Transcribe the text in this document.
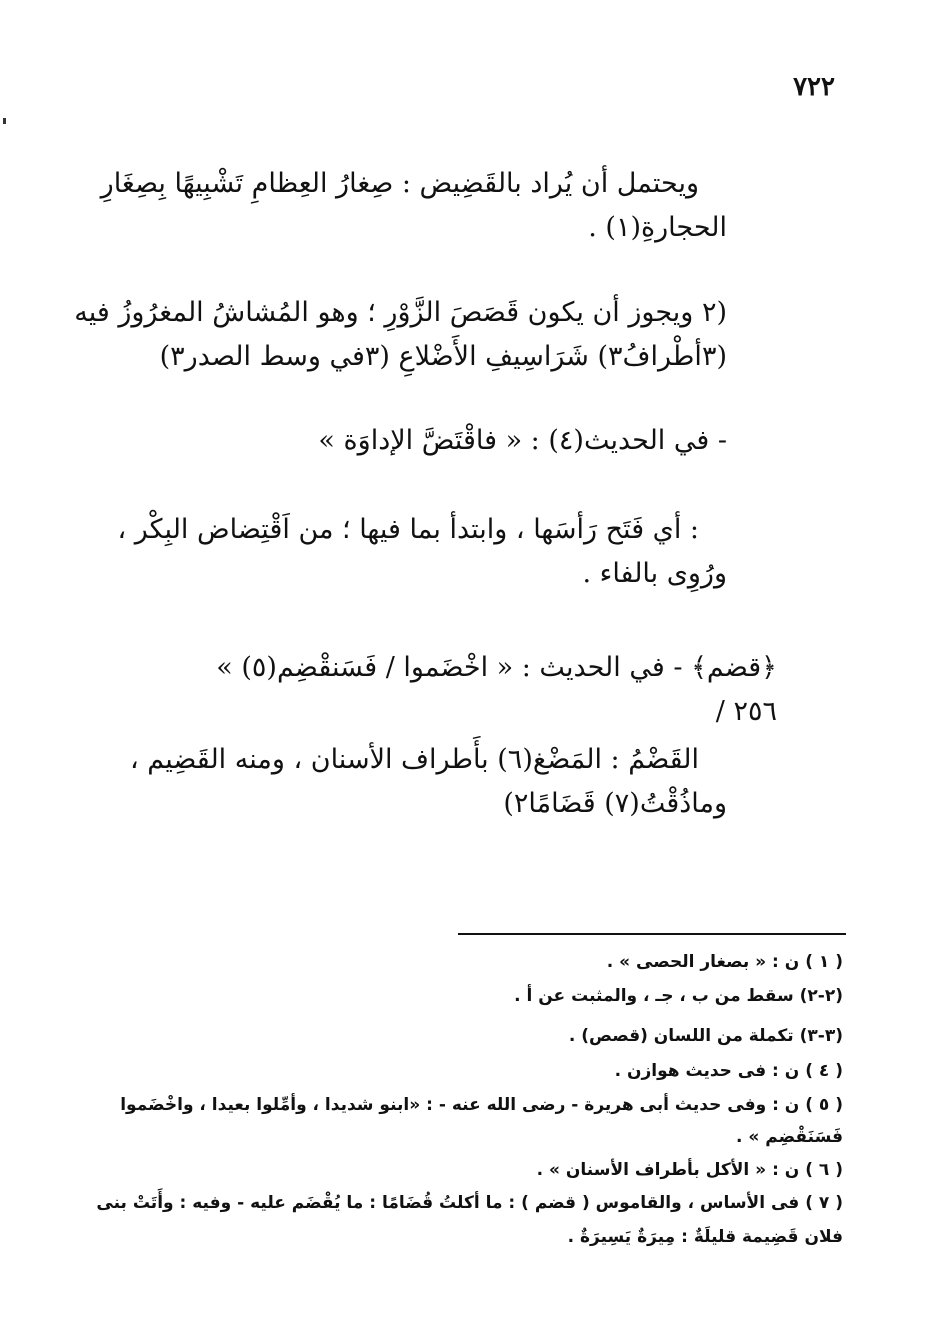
٧٢٢
ويحتمل أن يُراد بالقَضِيض : صِغارُ العِظامِ تَشْبِيهًا بِصِغَارِ
الحجارةِ(١) .
(٢ ويجوز أن يكون قَصَصَ الزَّوْرِ ؛ وهو المُشاشُ المغرُوزُ فيه
(٣أطْرافُ٣) شَرَاسِيفِ الأَضْلاعِ (٣في وسط الصدر٣)
- في الحديث(٤) : « فاقْتَضَّ الإداوَة »
: أي فَتَح رَأسَها ، وابتدأ بما فيها ؛ من اَقْتِضاض البِكْر ،
ورُوِى بالفاء .
﴿قضم﴾ - في الحديث : « اخْضَموا / فَسَنقْضِم(٥) »
٢٥٦ /
القَضْمُ : المَضْغ(٦) بأَطراف الأسنان ، ومنه القَضِيم ،
وماذُقْتُ(٧) قَضَامًا٢)
( ١ ) ن : « بصغار الحصى » .
(٢-٢) سقط من ب ، جـ ، والمثبت عن أ .
(٣-٣) تكملة من اللسان (قصص) .
( ٤ ) ن : فى حديث هوازن .
( ٥ ) ن : وفى حديث أبى هريرة - رضى الله عنه - : «ابنو شديدا ، وأمِّلوا بعيدا ، واخْضَموا
فَسَنَقْضِم » .
( ٦ ) ن : « الأكل بأطراف الأسنان » .
( ٧ ) فى الأساس ، والقاموس ( قضم ) : ما أكلتُ قُضَامًا : ما يُقْضَم عليه - وفيه : وأَتَتْ بنى
فلان قَضِيمة قليلَةٌ : مِيرَةٌ يَسِيرَةٌ .
